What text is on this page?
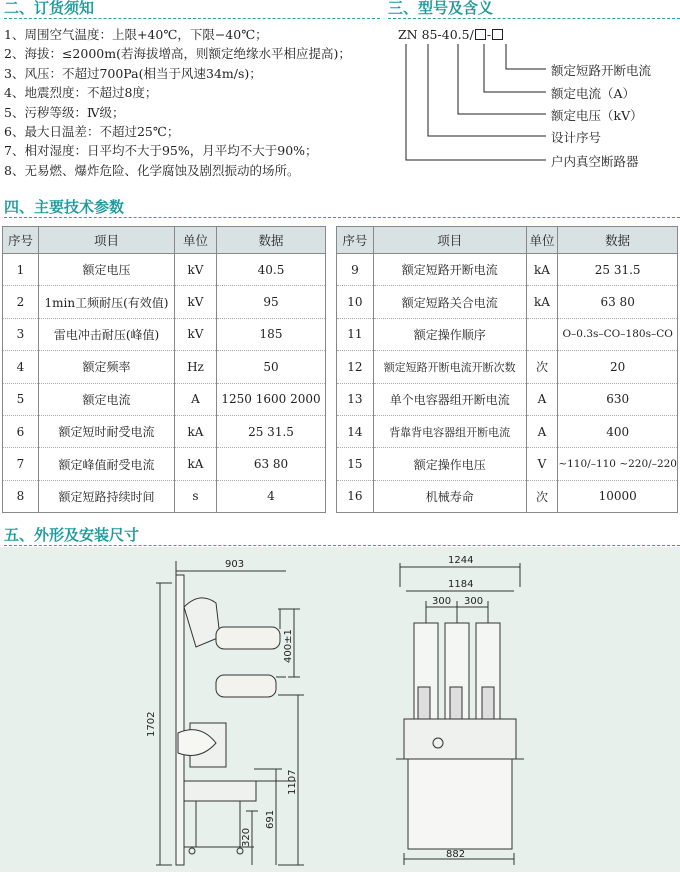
二、订货须知
1、周围空气温度：上限+40℃，下限−40℃；
2、海拔：≤2000m(若海拔增高，则额定绝缘水平相应提高)；
3、风压：不超过700Pa(相当于风速34m/s)；
4、地震烈度：不超过8度；
5、污秽等级：Ⅳ级；
6、最大日温差：不超过25℃；
7、相对湿度：日平均不大于95%，月平均不大于90%；
8、无易燃、爆炸危险、化学腐蚀及剧烈振动的场所。
三、型号及含义
ZN 85-40.5/ -
额定短路开断电流
额定电流（A）
额定电压（kV）
设计序号
户内真空断路器
四、主要技术参数
序号	项目	单位	数据
1	额定电压	kV	40.5
2	1min工频耐压(有效值)	kV	95
3	雷电冲击耐压(峰值)	kV	185
4	额定频率	Hz	50
5	额定电流	A	1250 1600 2000
6	额定短时耐受电流	kA	25 31.5
7	额定峰值耐受电流	kA	63 80
8	额定短路持续时间	s	4
序号	项目	单位	数据
9	额定短路开断电流	kA	25 31.5
10	额定短路关合电流	kA	63 80
11	额定操作顺序		O–0.3s–CO–180s–CO
12	额定短路开断电流开断次数	次	20
13	单个电容器组开断电流	A	630
14	背靠背电容器组开断电流	A	400
15	额定操作电压	V	~110/–110 ~220/–220
16	机械寿命	次	10000
五、外形及安装尺寸
903
1702
400±1
1107
691
320
1244
1184
300 300
882
